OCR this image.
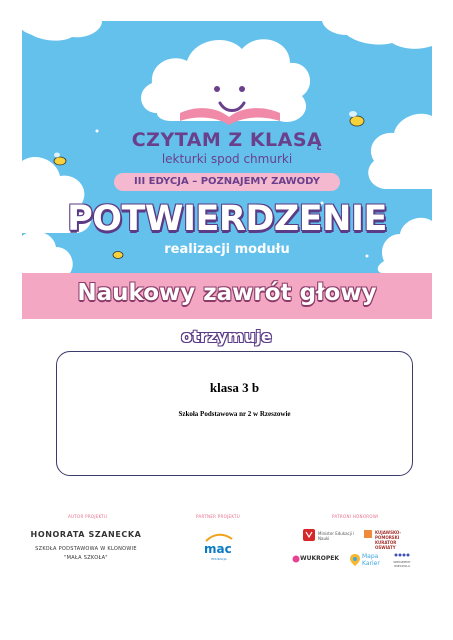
CZYTAM Z KLASĄ
lekturki spod chmurki
III EDYCJA – POZNAJEMY ZAWODY
POTWIERDZENIE
realizacji modułu
Naukowy zawrót głowy
otrzymuje
klasa 3 b
Szkoła Podstawowa nr 2 w Rzeszowie
AUTOR PROJEKTU
HONORATA SZANECKA
SZKOŁA PODSTAWOWA W KLONOWIE
"MAŁA SZKOŁA"
PARTNER PROJEKTU
mac
EDUKACJA
PATRONI HONOROWI
Minister Edukacji i Nauki
KUJAWSKO-POMORSKI KURATOR OŚWIATY
WUKROPEK	Mapa Karier	WIEDZIEMY WIECZOLA
